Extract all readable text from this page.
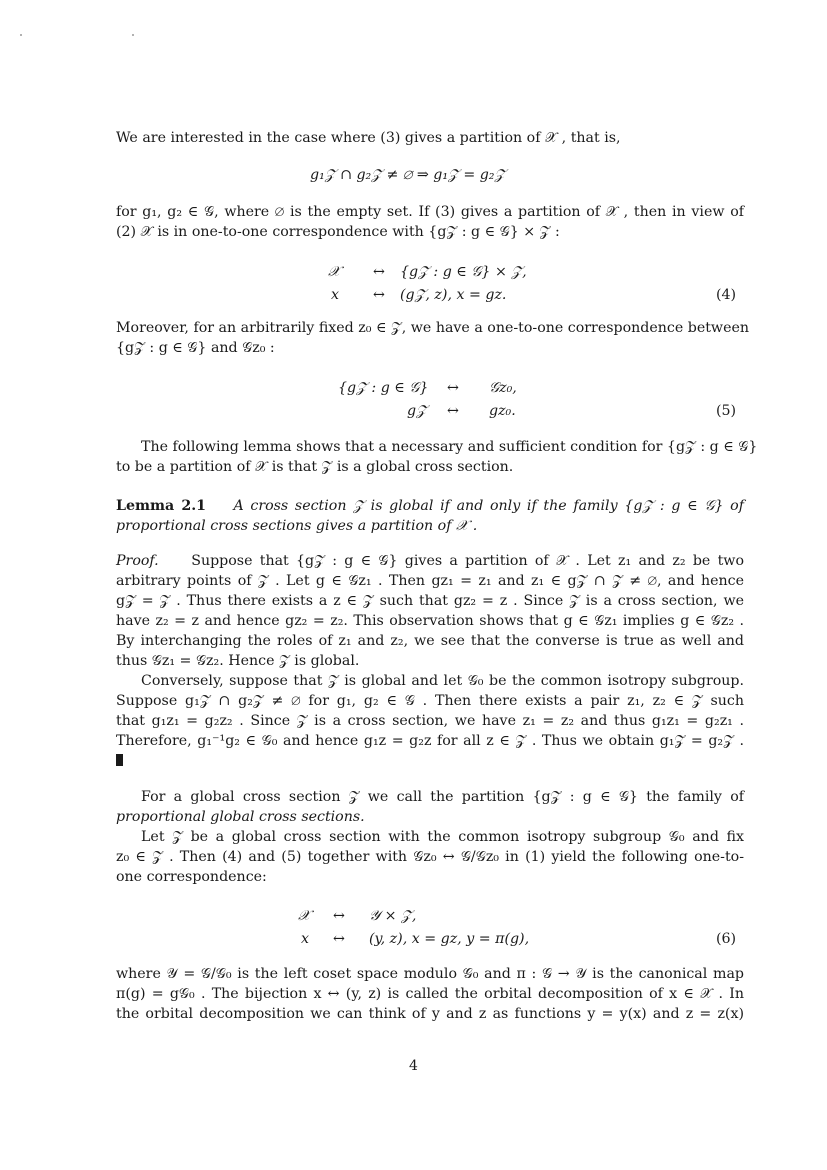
We are interested in the case where (3) gives a partition of 𝒳 , that is,
g₁𝒵 ∩ g₂𝒵 ≠ ∅ ⇒ g₁𝒵 = g₂𝒵
for g₁, g₂ ∈ 𝒢, where ∅ is the empty set. If (3) gives a partition of 𝒳 , then in view of
(2) 𝒳 is in one-to-one correspondence with {g𝒵 : g ∈ 𝒢} × 𝒵 :
𝒳 ↔ {g𝒵 : g ∈ 𝒢} × 𝒵,
x ↔ (g𝒵, z), x = gz.	(4)
Moreover, for an arbitrarily fixed z₀ ∈ 𝒵, we have a one-to-one correspondence between
{g𝒵 : g ∈ 𝒢} and 𝒢z₀ :
{g𝒵 : g ∈ 𝒢} ↔ 𝒢z₀,
g𝒵 ↔ gz₀.	(5)
The following lemma shows that a necessary and sufficient condition for {g𝒵 : g ∈ 𝒢}
to be a partition of 𝒳 is that 𝒵 is a global cross section.
Lemma 2.1 A cross section 𝒵 is global if and only if the family {g𝒵 : g ∈ 𝒢} of
proportional cross sections gives a partition of 𝒳 .
Proof. Suppose that {g𝒵 : g ∈ 𝒢} gives a partition of 𝒳 . Let z₁ and z₂ be two
arbitrary points of 𝒵 . Let g ∈ 𝒢z₁ . Then gz₁ = z₁ and z₁ ∈ g𝒵 ∩ 𝒵 ≠ ∅, and hence
g𝒵 = 𝒵 . Thus there exists a z ∈ 𝒵 such that gz₂ = z . Since 𝒵 is a cross section, we
have z₂ = z and hence gz₂ = z₂. This observation shows that g ∈ 𝒢z₁ implies g ∈ 𝒢z₂ .
By interchanging the roles of z₁ and z₂, we see that the converse is true as well and
thus 𝒢z₁ = 𝒢z₂. Hence 𝒵 is global.
Conversely, suppose that 𝒵 is global and let 𝒢₀ be the common isotropy subgroup.
Suppose g₁𝒵 ∩ g₂𝒵 ≠ ∅ for g₁, g₂ ∈ 𝒢 . Then there exists a pair z₁, z₂ ∈ 𝒵 such
that g₁z₁ = g₂z₂ . Since 𝒵 is a cross section, we have z₁ = z₂ and thus g₁z₁ = g₂z₁ .
Therefore, g₁⁻¹g₂ ∈ 𝒢₀ and hence g₁z = g₂z for all z ∈ 𝒵 . Thus we obtain g₁𝒵 = g₂𝒵 .
For a global cross section 𝒵 we call the partition {g𝒵 : g ∈ 𝒢} the family of
proportional global cross sections.
Let 𝒵 be a global cross section with the common isotropy subgroup 𝒢₀ and fix
z₀ ∈ 𝒵 . Then (4) and (5) together with 𝒢z₀ ↔ 𝒢/𝒢z₀ in (1) yield the following one-to-
one correspondence:
𝒳 ↔ 𝒴 × 𝒵,
x ↔ (y, z), x = gz, y = π(g),	(6)
where 𝒴 = 𝒢/𝒢₀ is the left coset space modulo 𝒢₀ and π : 𝒢 → 𝒴 is the canonical map
π(g) = g𝒢₀ . The bijection x ↔ (y, z) is called the orbital decomposition of x ∈ 𝒳 . In
the orbital decomposition we can think of y and z as functions y = y(x) and z = z(x)
4
